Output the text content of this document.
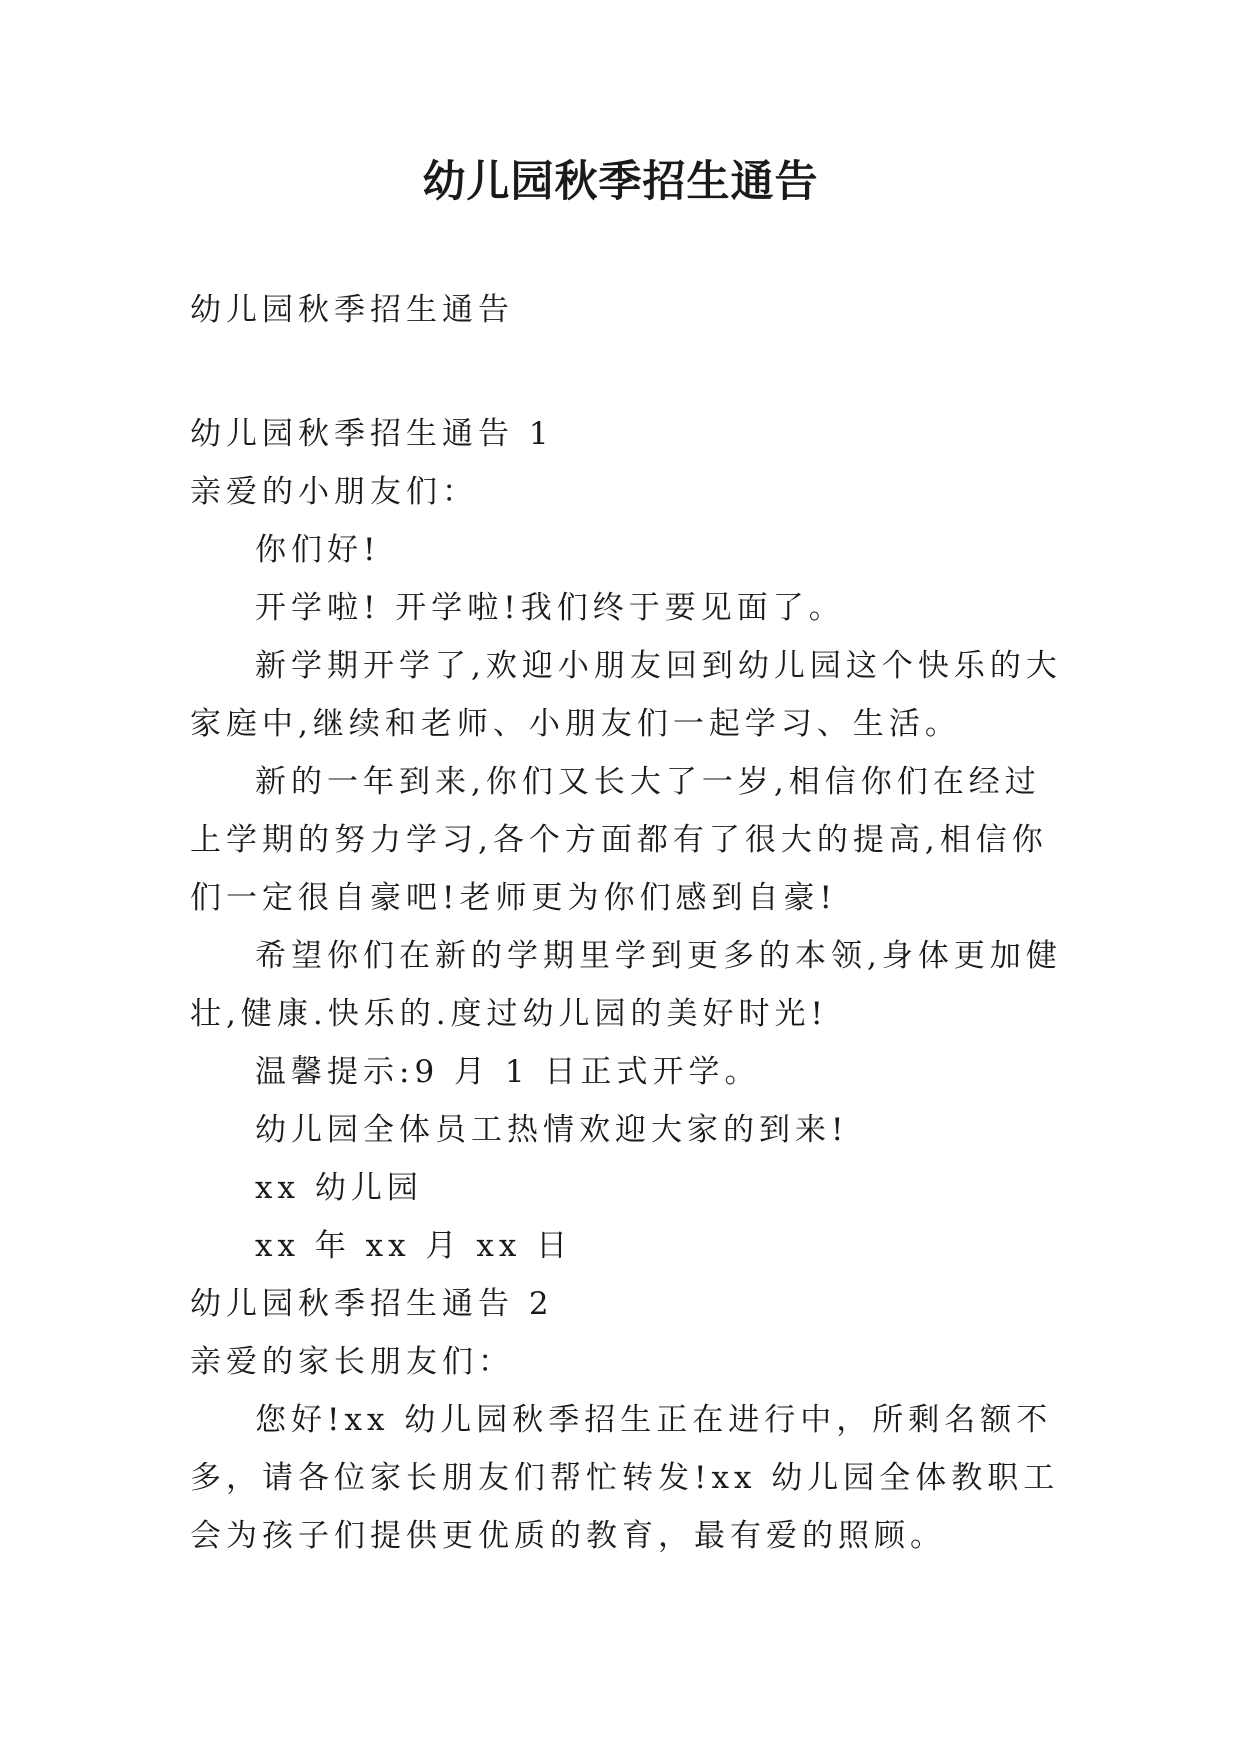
幼儿园秋季招生通告
幼儿园秋季招生通告

幼儿园秋季招生通告 1

亲爱的小朋友们：

你们好!

开学啦! 开学啦!我们终于要见面了。

新学期开学了,欢迎小朋友回到幼儿园这个快乐的大家庭中,继续和老师、小朋友们一起学习、生活。

新的一年到来,你们又长大了一岁,相信你们在经过上学期的努力学习,各个方面都有了很大的提高,相信你们一定很自豪吧!老师更为你们感到自豪!

希望你们在新的学期里学到更多的本领,身体更加健壮,健康.快乐的.度过幼儿园的美好时光!

温馨提示:9 月 1 日正式开学。

幼儿园全体员工热情欢迎大家的到来!

xx 幼儿园

xx 年 xx 月 xx 日

幼儿园秋季招生通告 2

亲爱的家长朋友们：

您好!xx 幼儿园秋季招生正在进行中，所剩名额不多，请各位家长朋友们帮忙转发!xx 幼儿园全体教职工会为孩子们提供更优质的教育，最有爱的照顾。
